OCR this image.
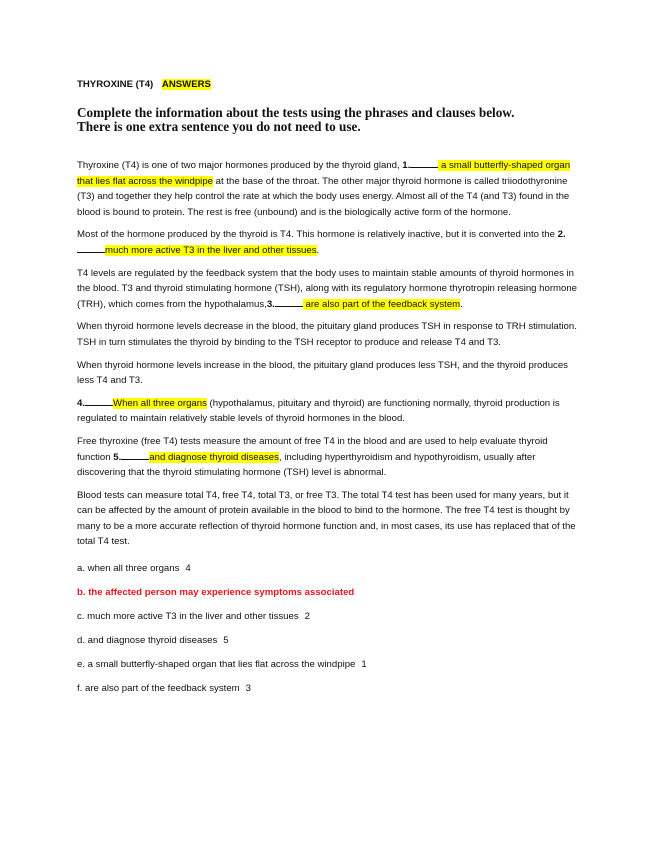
THYROXINE (T4) ANSWERS

Complete the information about the tests using the phrases and clauses below.
There is one extra sentence you do not need to use.

Thyroxine (T4) is one of two major hormones produced by the thyroid gland, 1.	a small butterfly-shaped organ that lies flat across the windpipe at the base of the throat. The other major thyroid hormone is called triiodothyronine (T3) and together they help control the rate at which the body uses energy. Almost all of the T4 (and T3) found in the blood is bound to protein. The rest is free (unbound) and is the biologically active form of the hormone.

Most of the hormone produced by the thyroid is T4. This hormone is relatively inactive, but it is converted into the 2.much more active T3 in the liver and other tissues.

T4 levels are regulated by the feedback system that the body uses to maintain stable amounts of thyroid hormones in the blood. T3 and thyroid stimulating hormone (TSH), along with its regulatory hormone thyrotropin releasing hormone (TRH), which comes from the hypothalamus,3.	are also part of the feedback system.

When thyroid hormone levels decrease in the blood, the pituitary gland produces TSH in response to TRH stimulation. TSH in turn stimulates the thyroid by binding to the TSH receptor to produce and release T4 and T3.

When thyroid hormone levels increase in the blood, the pituitary gland produces less TSH, and the thyroid produces less T4 and T3.

4.	When all three organs (hypothalamus, pituitary and thyroid) are functioning normally, thyroid production is regulated to maintain relatively stable levels of thyroid hormones in the blood.

Free thyroxine (free T4) tests measure the amount of free T4 in the blood and are used to help evaluate thyroid function 5.	and diagnose thyroid diseases, including hyperthyroidism and hypothyroidism, usually after discovering that the thyroid stimulating hormone (TSH) level is abnormal.

Blood tests can measure total T4, free T4, total T3, or free T3. The total T4 test has been used for many years, but it can be affected by the amount of protein available in the blood to bind to the hormone. The free T4 test is thought by many to be a more accurate reflection of thyroid hormone function and, in most cases, its use has replaced that of the total T4 test.

a. when all three organs 4
b. the affected person may experience symptoms associated
c. much more active T3 in the liver and other tissues 2
d. and diagnose thyroid diseases 5
e. a small butterfly-shaped organ that lies flat across the windpipe 1
f. are also part of the feedback system 3
